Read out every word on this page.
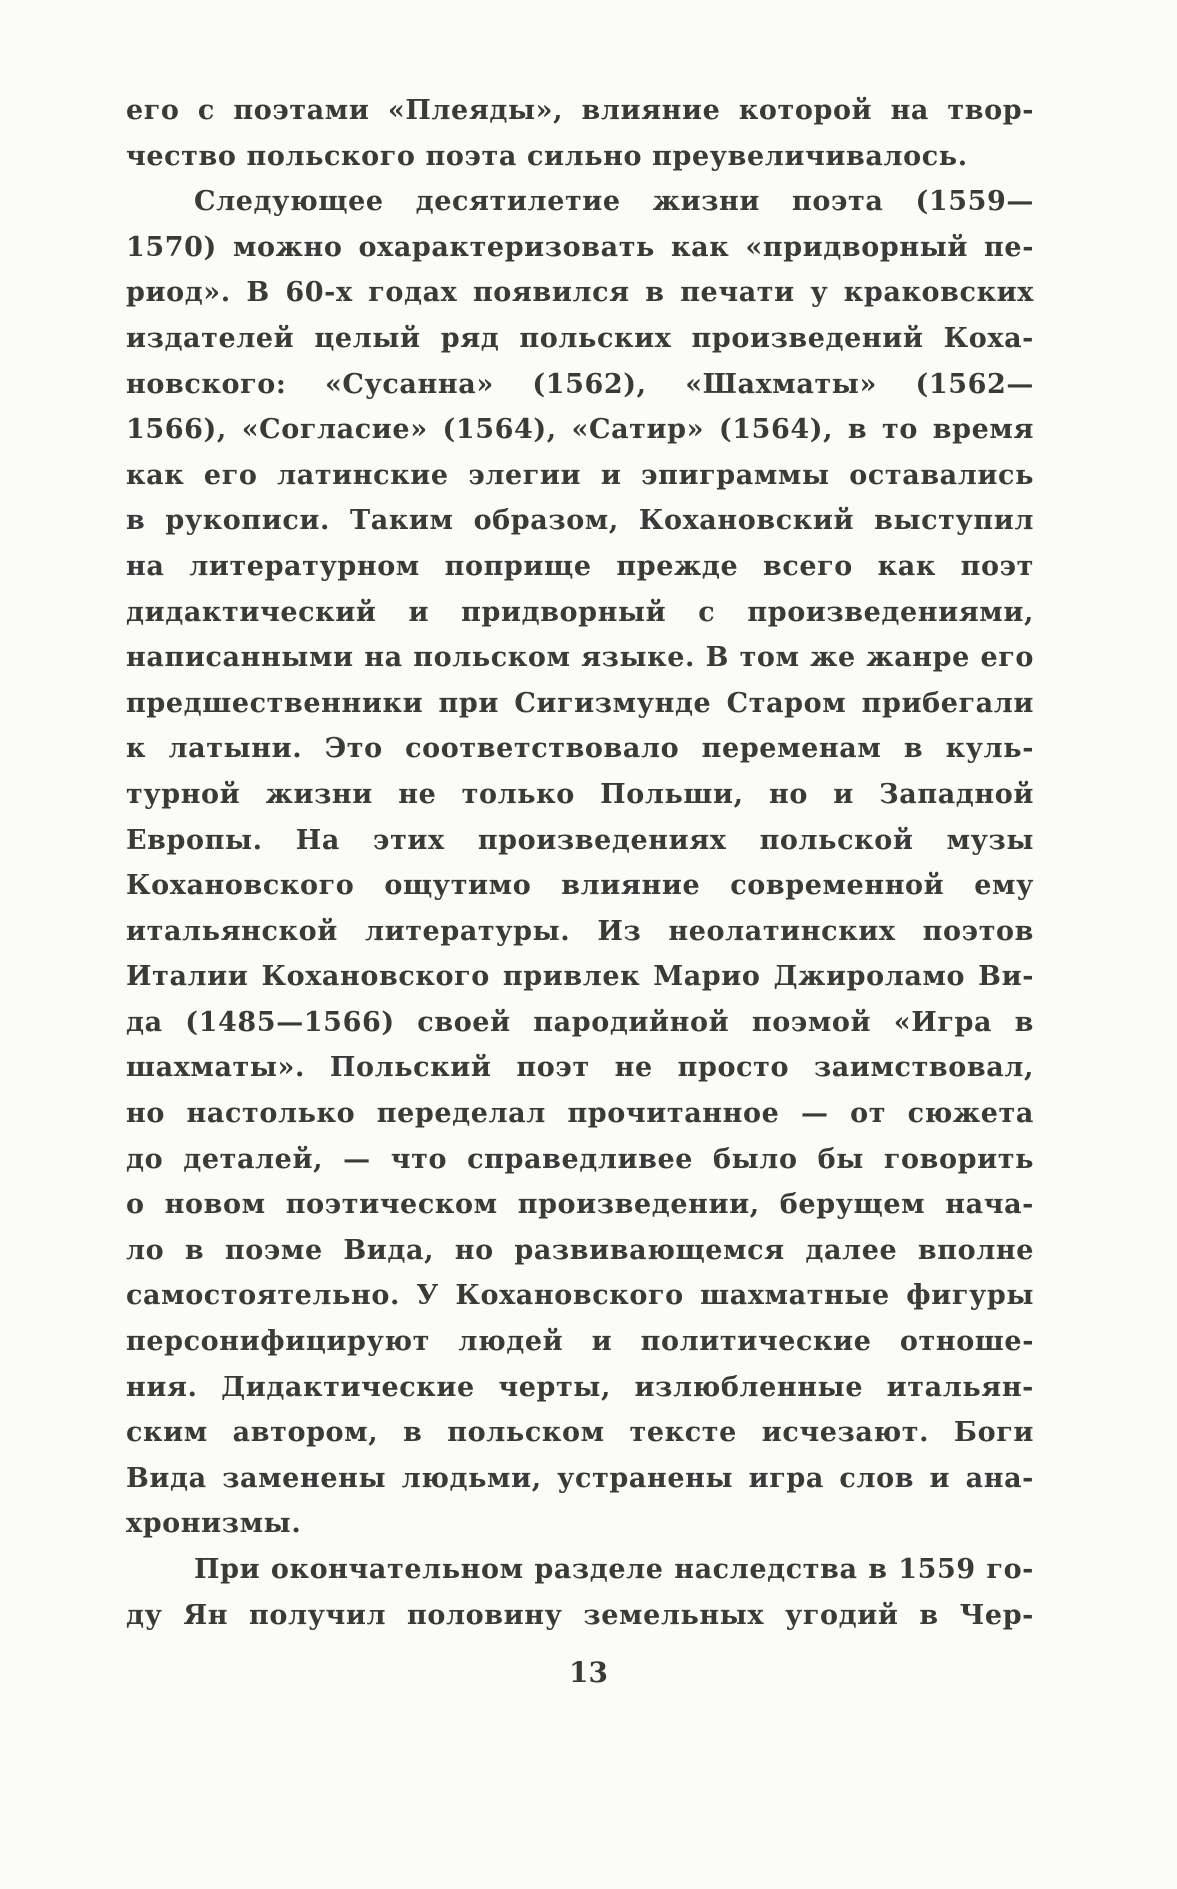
его с поэтами «Плеяды», влияние которой на твор-
чество польского поэта сильно преувеличивалось.
Следующее десятилетие жизни поэта (1559—
1570) можно охарактеризовать как «придворный пе-
риод». В 60-х годах появился в печати у краковских
издателей целый ряд польских произведений Коха-
новского: «Сусанна» (1562), «Шахматы» (1562—
1566), «Согласие» (1564), «Сатир» (1564), в то время
как его латинские элегии и эпиграммы оставались
в рукописи. Таким образом, Кохановский выступил
на литературном поприще прежде всего как поэт
дидактический и придворный с произведениями,
написанными на польском языке. В том же жанре его
предшественники при Сигизмунде Старом прибегали
к латыни. Это соответствовало переменам в куль-
турной жизни не только Польши, но и Западной
Европы. На этих произведениях польской музы
Кохановского ощутимо влияние современной ему
итальянской литературы. Из неолатинских поэтов
Италии Кохановского привлек Марио Джироламо Ви-
да (1485—1566) своей пародийной поэмой «Игра в
шахматы». Польский поэт не просто заимствовал,
но настолько переделал прочитанное — от сюжета
до деталей, — что справедливее было бы говорить
о новом поэтическом произведении, берущем нача-
ло в поэме Вида, но развивающемся далее вполне
самостоятельно. У Кохановского шахматные фигуры
персонифицируют людей и политические отноше-
ния. Дидактические черты, излюбленные итальян-
ским автором, в польском тексте исчезают. Боги
Вида заменены людьми, устранены игра слов и ана-
хронизмы.
При окончательном разделе наследства в 1559 го-
ду Ян получил половину земельных угодий в Чер-
13
